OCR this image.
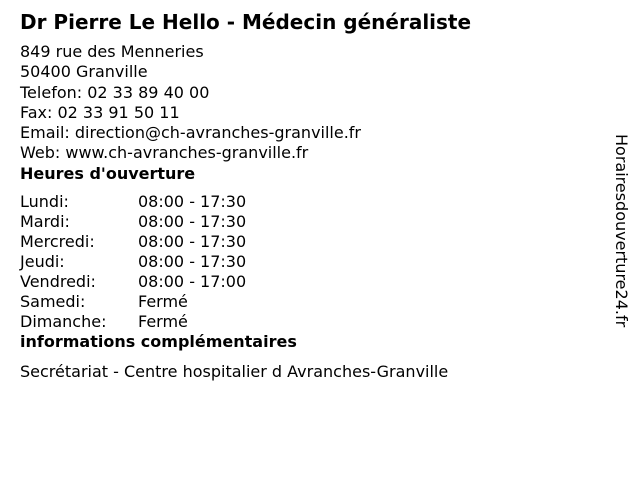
Dr Pierre Le Hello - Médecin généraliste
849 rue des Menneries
50400 Granville
Telefon: 02 33 89 40 00
Fax: 02 33 91 50 11
Email: direction@ch-avranches-granville.fr
Web: www.ch-avranches-granville.fr
Heures d'ouverture
Lundi:	08:00 - 17:30
Mardi:	08:00 - 17:30
Mercredi:	08:00 - 17:30
Jeudi:	08:00 - 17:30
Vendredi:	08:00 - 17:00
Samedi:	Fermé
Dimanche:	Fermé
informations complémentaires
Secrétariat - Centre hospitalier d Avranches-Granville
Horairesdouverture24.fr
